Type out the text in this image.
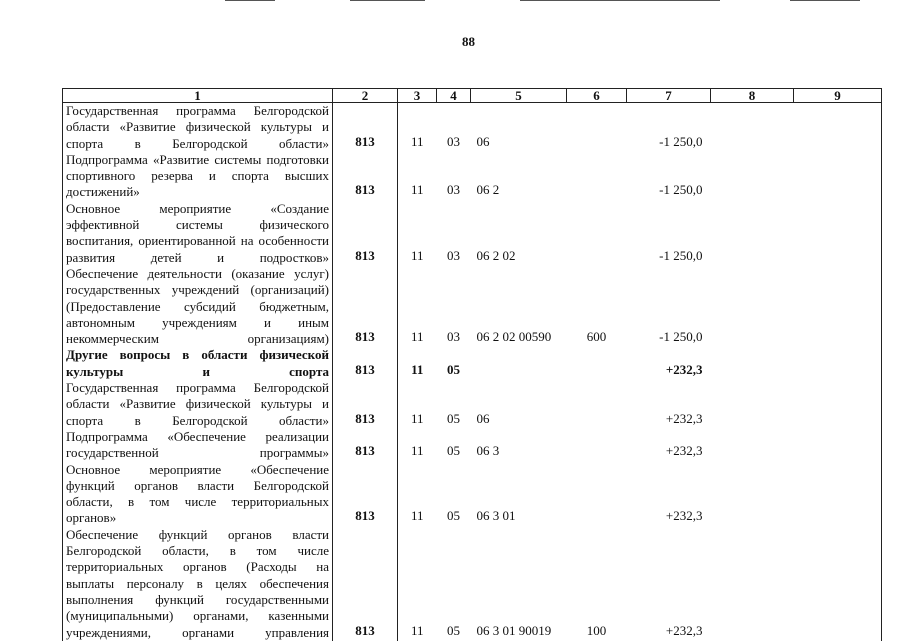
88
1	2	3	4	5	6	7	8	9
Государственная программа Белгородской области «Развитие физической культуры и спорта в Белгородской области»	813	11	03	06		-1 250,0		
Подпрограмма «Развитие системы подготовки спортивного резерва и спорта высших достижений»	813	11	03	06 2		-1 250,0		
Основное мероприятие «Создание эффективной системы физического воспитания, ориентированной на особенности развития детей и подростков»	813	11	03	06 2 02		-1 250,0		
Обеспечение деятельности (оказание услуг) государственных учреждений (организаций) (Предоставление субсидий бюджетным, автономным учреждениям и иным некоммерческим организациям)	813	11	03	06 2 02 00590	600	-1 250,0		
Другие вопросы в области физической культуры и спорта	813	11	05			+232,3		
Государственная программа Белгородской области «Развитие физической культуры и спорта в Белгородской области»	813	11	05	06		+232,3		
Подпрограмма «Обеспечение реализации государственной программы»	813	11	05	06 3		+232,3		
Основное мероприятие «Обеспечение функций органов власти Белгородской области, в том числе территориальных органов»	813	11	05	06 3 01		+232,3		
Обеспечение функций органов власти Белгородской области, в том числе территориальных органов (Расходы на выплаты персоналу в целях обеспечения выполнения функций государственными (муниципальными) органами, казенными учреждениями, органами управления	813	11	05	06 3 01 90019	100	+232,3		
